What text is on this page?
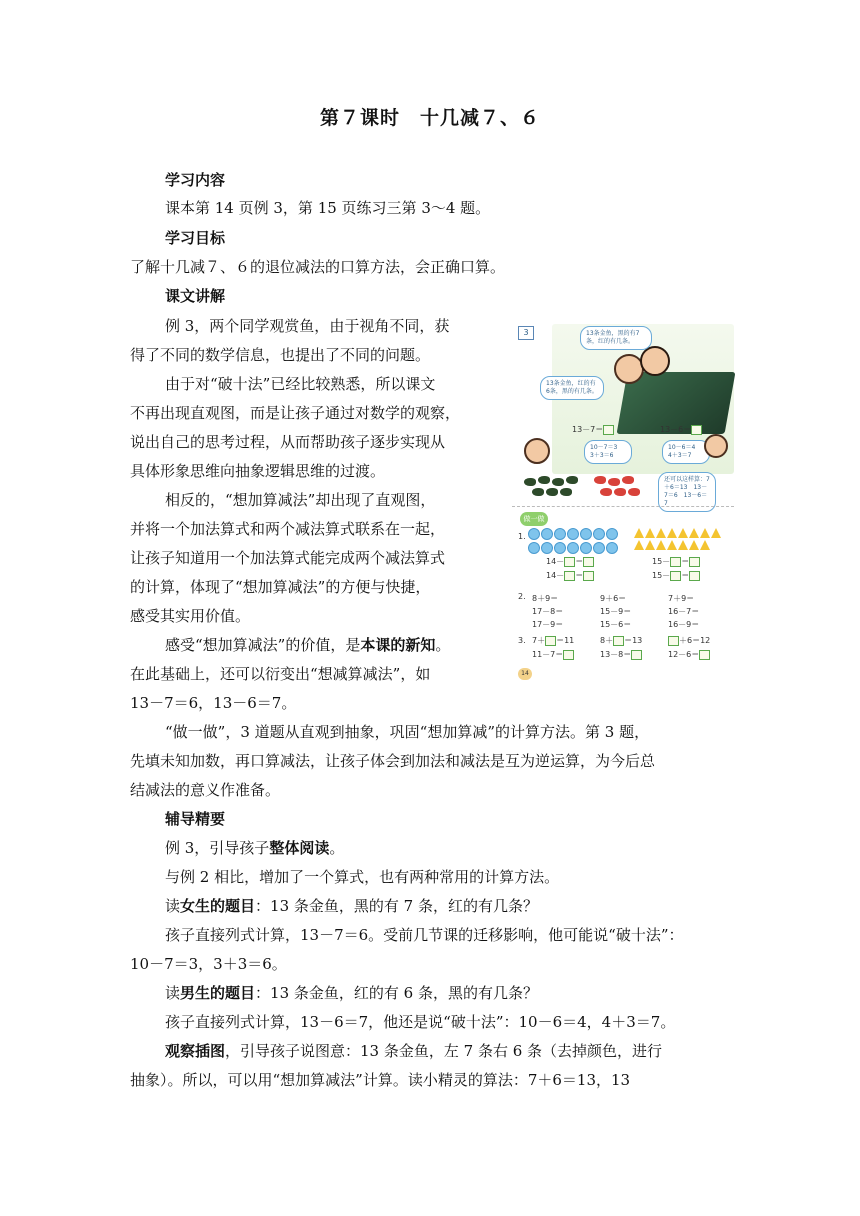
第７课时　十几减７、６
学习内容
课本第 14 页例 3，第 15 页练习三第 3～4 题。
学习目标
了解十几减７、６的退位减法的口算方法，会正确口算。
课文讲解
例 3，两个同学观赏鱼，由于视角不同，获
得了不同的数学信息，也提出了不同的问题。
由于对“破十法”已经比较熟悉，所以课文
不再出现直观图，而是让孩子通过对数学的观察，
说出自己的思考过程，从而帮助孩子逐步实现从
具体形象思维向抽象逻辑思维的过渡。
相反的，“想加算减法”却出现了直观图，
并将一个加法算式和两个减法算式联系在一起，
让孩子知道用一个加法算式能完成两个减法算式
的计算，体现了“想加算减法”的方便与快捷，
感受其实用价值。
感受“想加算减法”的价值，是本课的新知。
在此基础上，还可以衍变出“想减算减法”，如
13－7＝6，13－6＝7。
“做一做”，3 道题从直观到抽象，巩固“想加算减”的计算方法。第 3 题，
先填未知加数，再口算减法，让孩子体会到加法和减法是互为逆运算，为今后总
结减法的意义作准备。
辅导精要
例 3，引导孩子整体阅读。
与例 2 相比，增加了一个算式，也有两种常用的计算方法。
读女生的题目：13 条金鱼，黑的有 7 条，红的有几条？
孩子直接列式计算，13－7＝6。受前几节课的迁移影响，他可能说“破十法”：
10－7＝3，3＋3＝6。
读男生的题目：13 条金鱼，红的有 6 条，黑的有几条？
孩子直接列式计算，13－6＝7，他还是说“破十法”：10－6＝4，4＋3＝7。
观察插图，引导孩子说图意：13 条金鱼，左 7 条右 6 条（去掉颜色，进行
抽象）。所以，可以用“想加算减法”计算。读小精灵的算法：7＋6＝13，13
3	13条金鱼，黑的有7条，红的有几条。
13条金鱼，红的有6条，黑的有几条。
13－7＝	13－6＝
10－7＝3　3＋3＝6
10－6＝4　4＋3＝7
还可以这样算：7＋6＝13　13－7＝6　13－6＝7
做一做
1.

14－ ＝
14－ ＝
15－ ＝
15－ ＝
2. 8＋9＝
17－8＝
17－9＝
9＋6＝
15－9＝
15－6＝
7＋9＝
16－7＝
16－9＝
3. 7＋ ＝11
11－7＝
8＋ ＝13
13－8＝
＋6＝12
12－6＝
14
